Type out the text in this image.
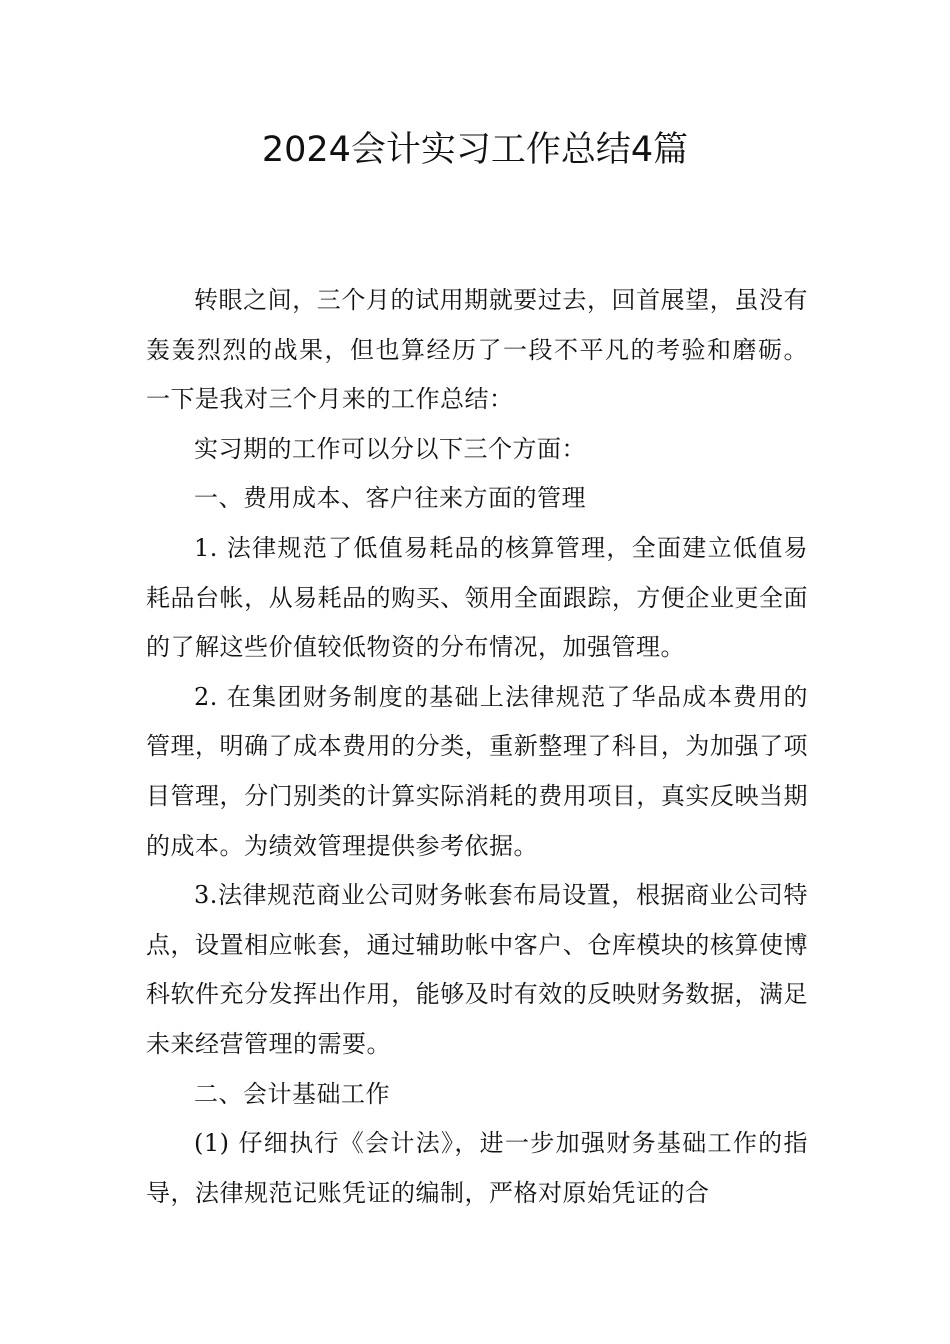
2024会计实习工作总结4篇

转眼之间，三个月的试用期就要过去，回首展望，虽没有轰轰烈烈的战果，但也算经历了一段不平凡的考验和磨砺。 一下是我对三个月来的工作总结：

实习期的工作可以分以下三个方面：

一、费用成本、客户往来方面的管理

1. 法律规范了低值易耗品的核算管理，全面建立低值易耗品台帐，从易耗品的购买、领用全面跟踪，方便企业更全面的了解这些价值较低物资的分布情况，加强管理。

2. 在集团财务制度的基础上法律规范了华品成本费用的管理，明确了成本费用的分类，重新整理了科目，为加强了项目管理，分门别类的计算实际消耗的费用项目，真实反映当期的成本。为绩效管理提供参考依据。

3.法律规范商业公司财务帐套布局设置，根据商业公司特点，设置相应帐套，通过辅助帐中客户、仓库模块的核算使博科软件充分发挥出作用，能够及时有效的反映财务数据，满足未来经营管理的需要。

二、会计基础工作

(1) 仔细执行《会计法》，进一步加强财务基础工作的指导，法律规范记账凭证的编制，严格对原始凭证的合
